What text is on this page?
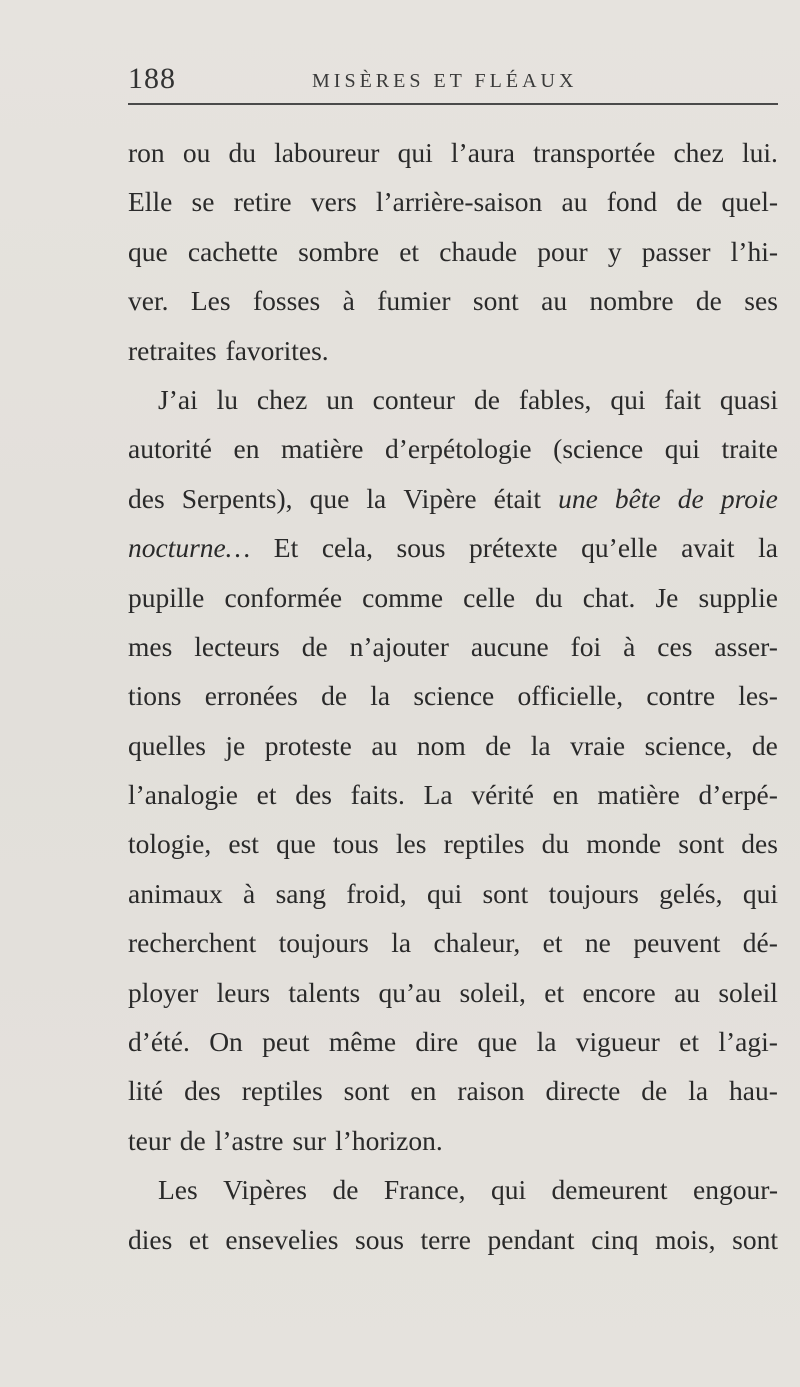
188	MISÈRES ET FLÉAUX
ron ou du laboureur qui l’aura transportée chez lui.
Elle se retire vers l’arrière-saison au fond de quel-
que cachette sombre et chaude pour y passer l’hi-
ver. Les fosses à fumier sont au nombre de ses
retraites favorites.
J’ai lu chez un conteur de fables, qui fait quasi
autorité en matière d’erpétologie (science qui traite
des Serpents), que la Vipère était une bête de proie
nocturne… Et cela, sous prétexte qu’elle avait la
pupille conformée comme celle du chat. Je supplie
mes lecteurs de n’ajouter aucune foi à ces asser-
tions erronées de la science officielle, contre les-
quelles je proteste au nom de la vraie science, de
l’analogie et des faits. La vérité en matière d’erpé-
tologie, est que tous les reptiles du monde sont des
animaux à sang froid, qui sont toujours gelés, qui
recherchent toujours la chaleur, et ne peuvent dé-
ployer leurs talents qu’au soleil, et encore au soleil
d’été. On peut même dire que la vigueur et l’agi-
lité des reptiles sont en raison directe de la hau-
teur de l’astre sur l’horizon.
Les Vipères de France, qui demeurent engour-
dies et ensevelies sous terre pendant cinq mois, sont
